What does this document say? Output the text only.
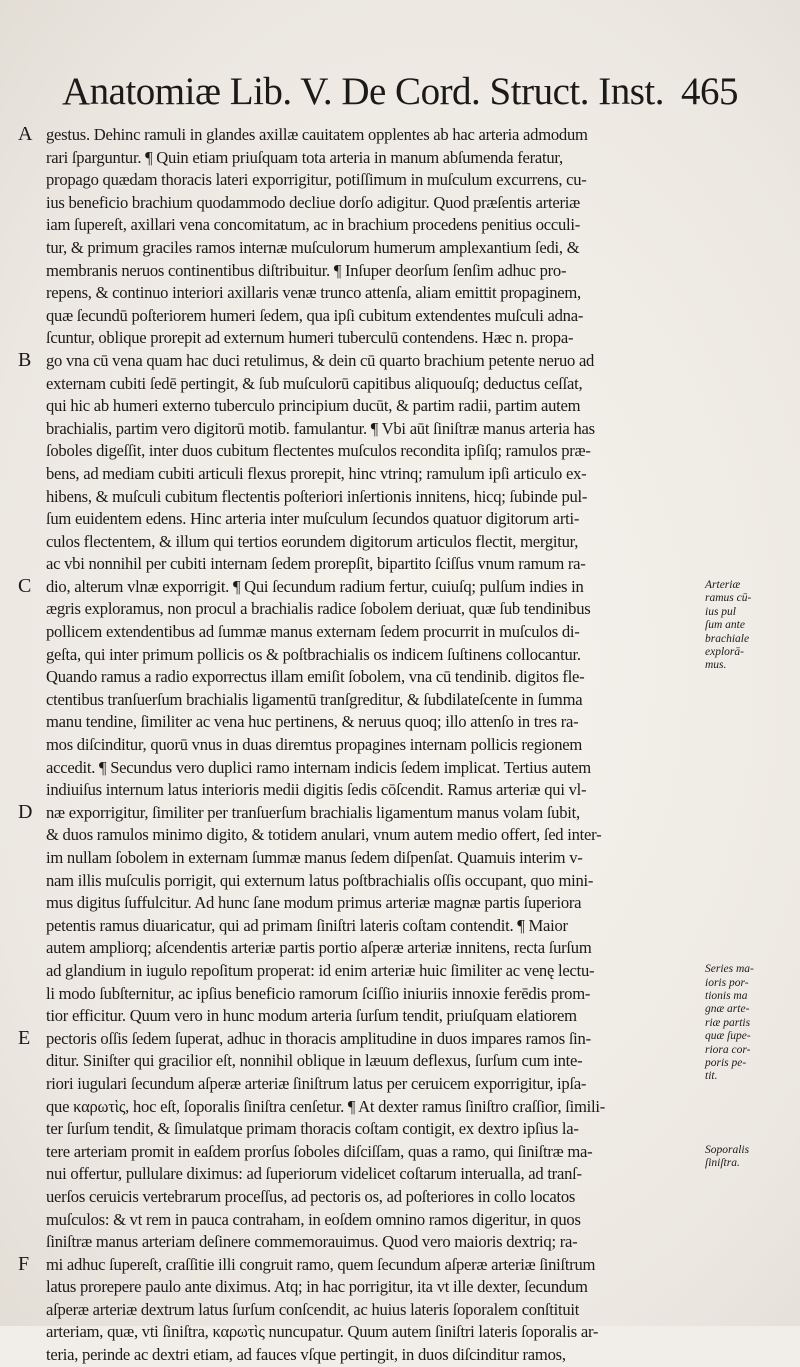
Anatomiæ Lib. V. De Cord. Struct. Inst. 465
A
B
C
D
E
F
gestus. Dehinc ramuli in glandes axillæ cauitatem opplentes ab hac arteria admodum
rari ſparguntur. ¶ Quin etiam priuſquam tota arteria in manum abſumenda feratur,
propago quædam thoracis lateri exporrigitur, potiſſimum in muſculum excurrens, cu-
ius beneficio brachium quodammodo decliue dorſo adigitur. Quod præſentis arteriæ
iam ſupereſt, axillari vena concomitatum, ac in brachium procedens penitius occuli-
tur, & primum graciles ramos internæ muſculorum humerum amplexantium ſedi, &
membranis neruos continentibus diſtribuitur. ¶ Inſuper deorſum ſenſim adhuc pro-
repens, & continuo interiori axillaris venæ trunco attenſa, aliam emittit propaginem,
quæ ſecundū poſteriorem humeri ſedem, qua ipſi cubitum extendentes muſculi adna-
ſcuntur, oblique prorepit ad externum humeri tuberculū contendens. Hæc n. propa-
go vna cū vena quam hac duci retulimus, & dein cū quarto brachium petente neruo ad
externam cubiti ſedē pertingit, & ſub muſculorū capitibus aliquouſq; deductus ceſſat,
qui hic ab humeri externo tuberculo principium ducūt, & partim radii, partim autem
brachialis, partim vero digitorū motib. famulantur. ¶ Vbi aūt ſiniſtræ manus arteria has
ſoboles digeſſit, inter duos cubitum flectentes muſculos recondita ipſiſq; ramulos præ-
bens, ad mediam cubiti articuli flexus prorepit, hinc vtrinq; ramulum ipſi articulo ex-
hibens, & muſculi cubitum flectentis poſteriori inſertionis innitens, hicq; ſubinde pul-
ſum euidentem edens. Hinc arteria inter muſculum ſecundos quatuor digitorum arti-
culos flectentem, & illum qui tertios eorundem digitorum articulos flectit, mergitur,
ac vbi nonnihil per cubiti internam ſedem prorepſit, bipartito ſciſſus vnum ramum ra-
dio, alterum vlnæ exporrigit. ¶ Qui ſecundum radium fertur, cuiuſq; pulſum indies in
ægris exploramus, non procul a brachialis radice ſobolem deriuat, quæ ſub tendinibus
pollicem extendentibus ad ſummæ manus externam ſedem procurrit in muſculos di-
geſta, qui inter primum pollicis os & poſtbrachialis os indicem ſuſtinens collocantur.
Quando ramus a radio exporrectus illam emiſit ſobolem, vna cū tendinib. digitos fle-
ctentibus tranſuerſum brachialis ligamentū tranſgreditur, & ſubdilateſcente in ſumma
manu tendine, ſimiliter ac vena huc pertinens, & neruus quoq; illo attenſo in tres ra-
mos diſcinditur, quorū vnus in duas diremtus propagines internam pollicis regionem
accedit. ¶ Secundus vero duplici ramo internam indicis ſedem implicat. Tertius autem
indiuiſus internum latus interioris medii digitis ſedis cōſcendit. Ramus arteriæ qui vl-
næ exporrigitur, ſimiliter per tranſuerſum brachialis ligamentum manus volam ſubit,
& duos ramulos minimo digito, & totidem anulari, vnum autem medio offert, ſed inter-
im nullam ſobolem in externam ſummæ manus ſedem diſpenſat. Quamuis interim v-
nam illis muſculis porrigit, qui externum latus poſtbrachialis oſſis occupant, quo mini-
mus digitus ſuffulcitur. Ad hunc ſane modum primus arteriæ magnæ partis ſuperiora
petentis ramus diuaricatur, qui ad primam ſiniſtri lateris coſtam contendit. ¶ Maior
autem ampliorq; aſcendentis arteriæ partis portio aſperæ arteriæ innitens, recta ſurſum
ad glandium in iugulo repoſitum properat: id enim arteriæ huic ſimiliter ac venę lectu-
li modo ſubſternitur, ac ipſius beneficio ramorum ſciſſio iniuriis innoxie ferēdis prom-
tior efficitur. Quum vero in hunc modum arteria ſurſum tendit, priuſquam elatiorem
pectoris oſſis ſedem ſuperat, adhuc in thoracis amplitudine in duos impares ramos ſin-
ditur. Siniſter qui gracilior eſt, nonnihil oblique in læuum deflexus, ſurſum cum inte-
riori iugulari ſecundum aſperæ arteriæ ſiniſtrum latus per ceruicem exporrigitur, ipſa-
que καρωτὶς, hoc eſt, ſoporalis ſiniſtra cenſetur. ¶ At dexter ramus ſiniſtro craſſior, ſimili-
ter ſurſum tendit, & ſimulatque primam thoracis coſtam contigit, ex dextro ipſius la-
tere arteriam promit in eaſdem prorſus ſoboles diſciſſam, quas a ramo, qui ſiniſtræ ma-
nui offertur, pullulare diximus: ad ſuperiorum videlicet coſtarum interualla, ad tranſ-
uerſos ceruicis vertebrarum proceſſus, ad pectoris os, ad poſteriores in collo locatos
muſculos: & vt rem in pauca contraham, in eoſdem omnino ramos digeritur, in quos
ſiniſtræ manus arteriam deſinere commemorauimus. Quod vero maioris dextriq; ra-
mi adhuc ſupereſt, craſſitie illi congruit ramo, quem ſecundum aſperæ arteriæ ſiniſtrum
latus prorepere paulo ante diximus. Atq; in hac porrigitur, ita vt ille dexter, ſecundum
aſperæ arteriæ dextrum latus ſurſum conſcendit, ac huius lateris ſoporalem conſtituit
arteriam, quæ, vti ſiniſtra, καρωτὶς nuncupatur. Quum autem ſiniſtri lateris ſoporalis ar-
teria, perinde ac dextri etiam, ad fauces vſque pertingit, in duos diſcinditur ramos,
Arteriæ
ramus cū-
ius pul
ſum ante
brachiale
explorā-
mus.
Series ma-
ioris por-
tionis ma
gnæ arte-
riæ partis
quæ ſupe-
riora cor-
poris pe-
tit.
Soporalis
ſiniſtra.
